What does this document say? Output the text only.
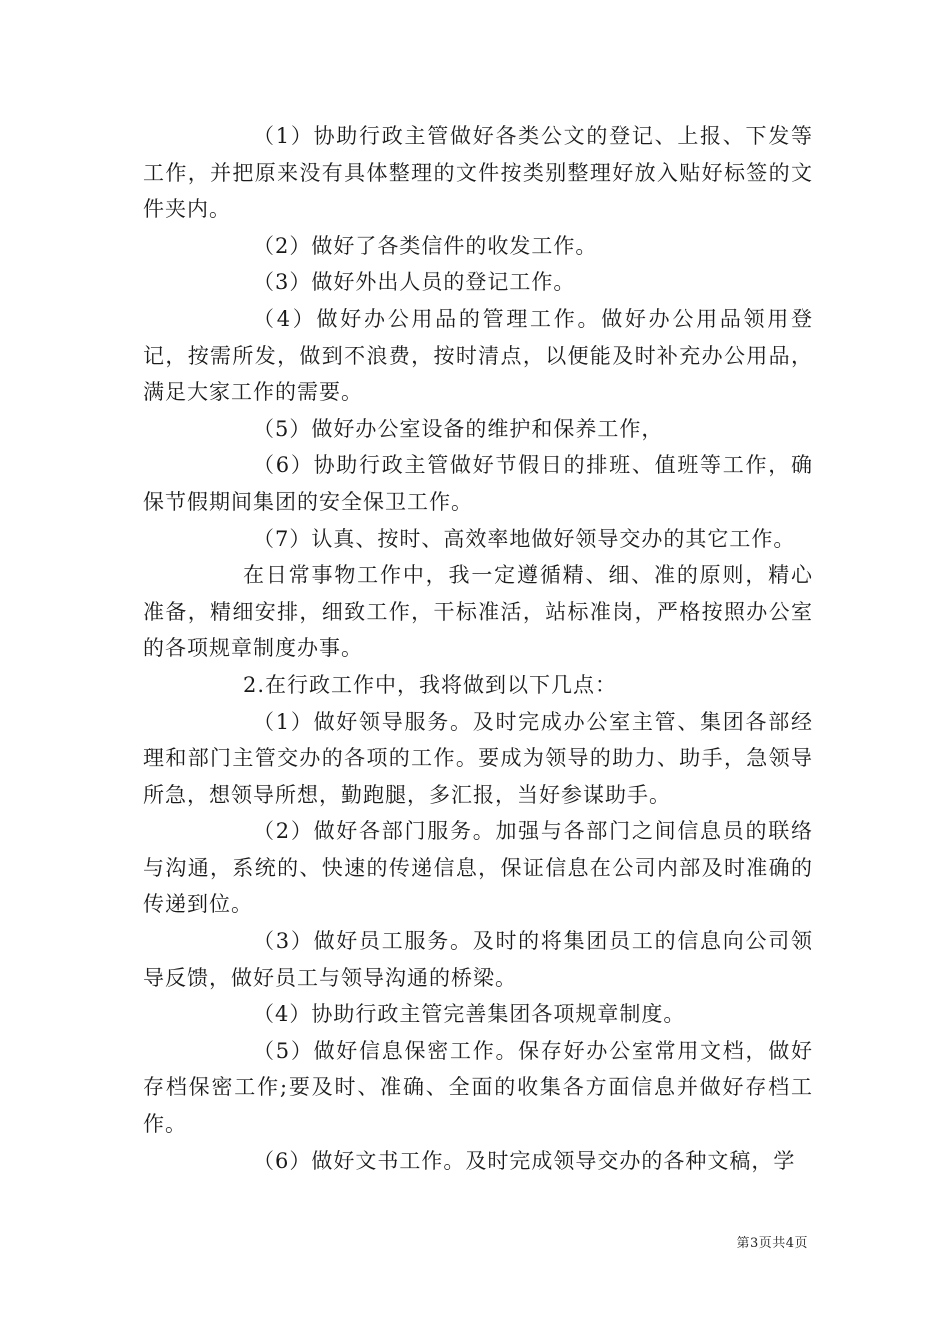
（1）协助行政主管做好各类公文的登记、上报、下发等工作，并把原来没有具体整理的文件按类别整理好放入贴好标签的文件夹内。

（2）做好了各类信件的收发工作。

（3）做好外出人员的登记工作。

（4）做好办公用品的管理工作。做好办公用品领用登记，按需所发，做到不浪费，按时清点，以便能及时补充办公用品，满足大家工作的需要。

（5）做好办公室设备的维护和保养工作，

（6）协助行政主管做好节假日的排班、值班等工作，确保节假期间集团的安全保卫工作。

（7）认真、按时、高效率地做好领导交办的其它工作。

在日常事物工作中，我一定遵循精、细、准的原则，精心准备，精细安排，细致工作，干标准活，站标准岗，严格按照办公室的各项规章制度办事。

2.在行政工作中，我将做到以下几点：

（1）做好领导服务。及时完成办公室主管、集团各部经理和部门主管交办的各项的工作。要成为领导的助力、助手，急领导所急，想领导所想，勤跑腿，多汇报，当好参谋助手。

（2）做好各部门服务。加强与各部门之间信息员的联络与沟通，系统的、快速的传递信息，保证信息在公司内部及时准确的传递到位。

（3）做好员工服务。及时的将集团员工的信息向公司领导反馈，做好员工与领导沟通的桥梁。

（4）协助行政主管完善集团各项规章制度。

（5）做好信息保密工作。保存好办公室常用文档，做好存档保密工作;要及时、准确、全面的收集各方面信息并做好存档工作。

（6）做好文书工作。及时完成领导交办的各种文稿，学

第3页共4页
